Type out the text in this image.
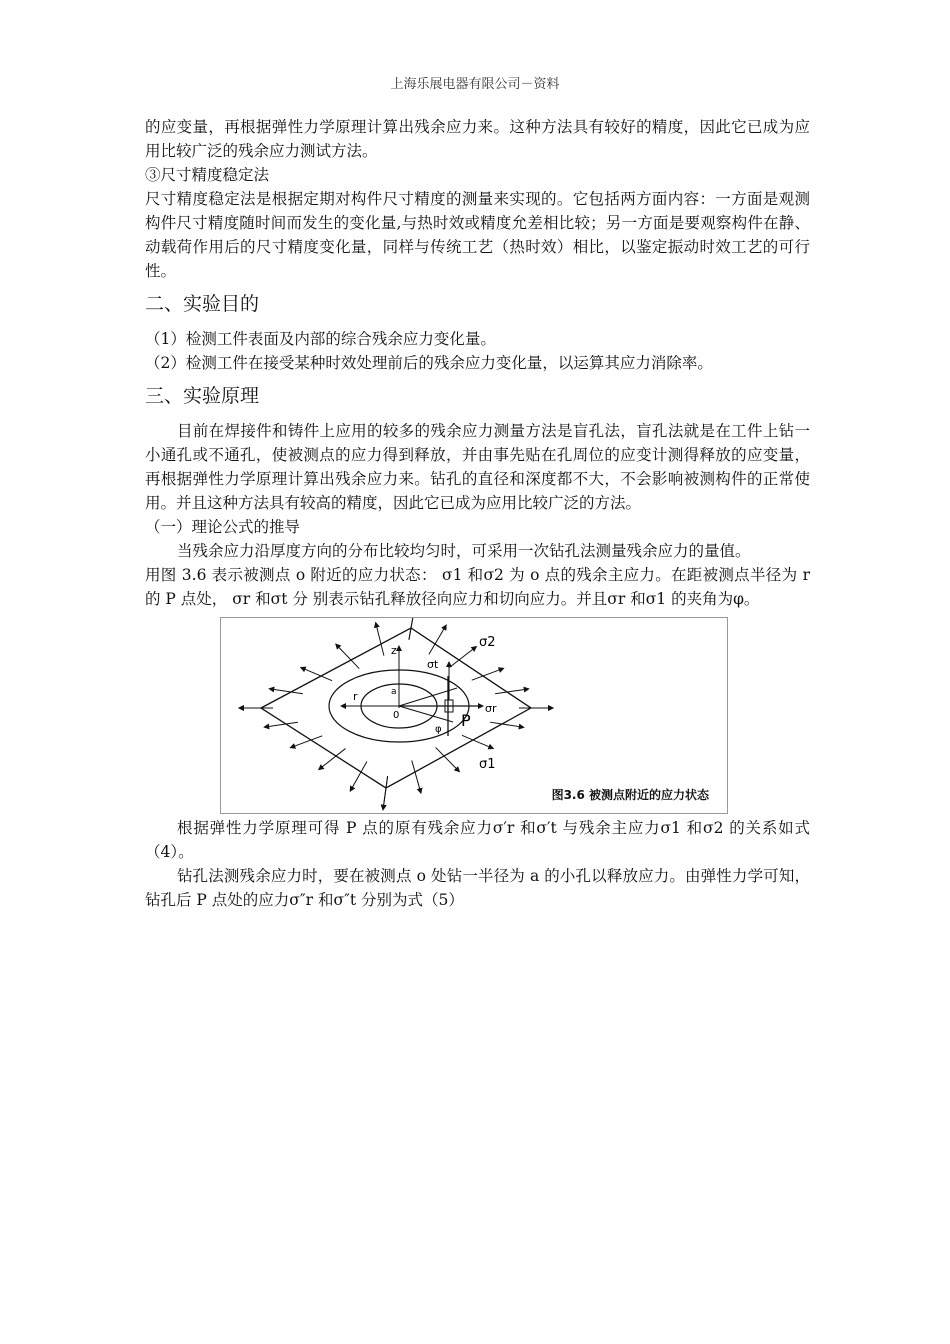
上海乐展电器有限公司－资料

的应变量，再根据弹性力学原理计算出残余应力来。这种方法具有较好的精度，因此它已成为应用比较广泛的残余应力测试方法。

③尺寸精度稳定法

尺寸精度稳定法是根据定期对构件尺寸精度的测量来实现的。它包括两方面内容：一方面是观测构件尺寸精度随时间而发生的变化量,与热时效或精度允差相比较；另一方面是要观察构件在静、动载荷作用后的尺寸精度变化量，同样与传统工艺（热时效）相比，以鉴定振动时效工艺的可行性。

二、实验目的

（1）检测工件表面及内部的综合残余应力变化量。

（2）检测工件在接受某种时效处理前后的残余应力变化量，以运算其应力消除率。

三、实验原理

目前在焊接件和铸件上应用的较多的残余应力测量方法是盲孔法，盲孔法就是在工件上钻一小通孔或不通孔，使被测点的应力得到释放，并由事先贴在孔周位的应变计测得释放的应变量，再根据弹性力学原理计算出残余应力来。钻孔的直径和深度都不大，不会影响被测构件的正常使用。并且这种方法具有较高的精度，因此它已成为应用比较广泛的方法。

（一）理论公式的推导

当残余应力沿厚度方向的分布比较均匀时，可采用一次钻孔法测量残余应力的量值。

用图 3.6 表示被测点 o 附近的应力状态： σ1 和σ2 为 o 点的残余主应力。在距被测点半径为 r 的 P 点处， σr 和σt 分 别表示钻孔释放径向应力和切向应力。并且σr 和σ1 的夹角为φ。

z
σ2
σ1
σt
σr
P
r
0
a
φ
图3.6 被测点附近的应力状态

根据弹性力学原理可得 P 点的原有残余应力σ′r 和σ′t 与残余主应力σ1 和σ2 的关系如式（4）。

钻孔法测残余应力时，要在被测点 o 处钻一半径为 a 的小孔以释放应力。由弹性力学可知，钻孔后 P 点处的应力σ″r 和σ″t 分别为式（5）
